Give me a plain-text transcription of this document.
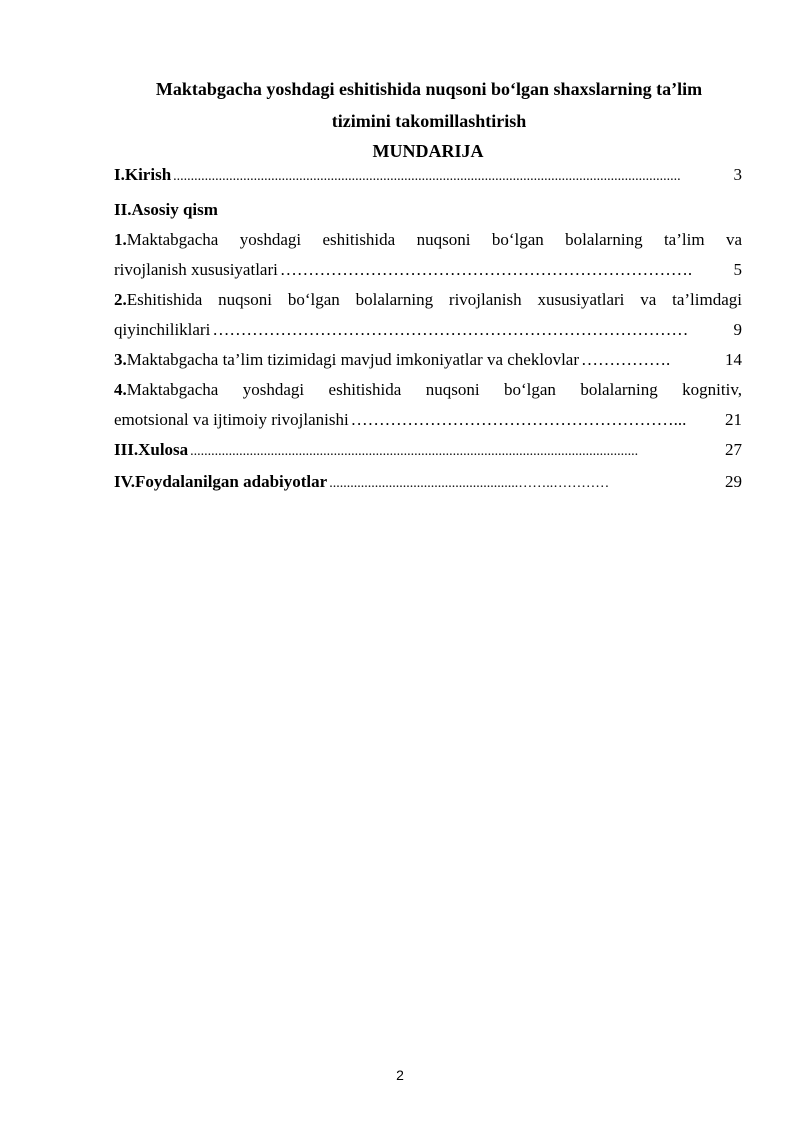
Maktabgacha yoshdagi eshitishida nuqsoni bo‘lgan shaxslarning ta’lim

tizimini takomillashtirish

MUNDARIJA

I.Kirish .................................................................................................................................................	3

II.Asosiy qism

1.Maktabgacha yoshdagi eshitishida nuqsoni bo‘lgan bolalarning ta’lim va

rivojlanish xususiyatlari ……………………………………………………………….	5

2.Eshitishida nuqsoni bo‘lgan bolalarning rivojlanish xususiyatlari va ta’limdagi

qiyinchiliklari …………………………………………………………………………	9
3. Maktabgacha ta’lim tizimidagi mavjud imkoniyatlar va cheklovlar …………….	14

4.Maktabgacha yoshdagi eshitishida nuqsoni bo‘lgan bolalarning kognitiv,

emotsional va ijtimoiy rivojlanishi …………………………………………………...	21
III.Xulosa ................................................................................................................................	27
IV.Foydalanilgan adabiyotlar ......................................................……..…………	29
2
